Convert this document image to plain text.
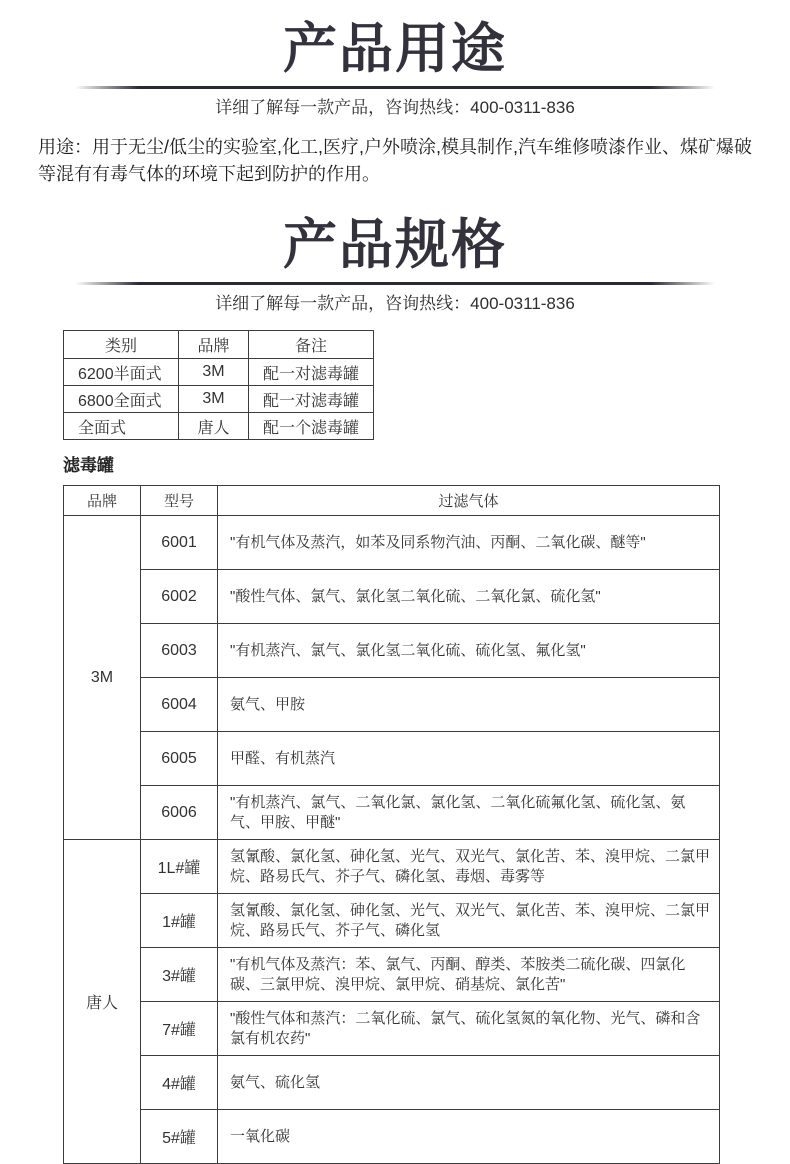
产品用途
详细了解每一款产品，咨询热线：400-0311-836
用途：用于无尘/低尘的实验室,化工,医疗,户外喷涂,模具制作,汽车维修喷漆作业、煤矿爆破等混有有毒气体的环境下起到防护的作用。
产品规格
详细了解每一款产品，咨询热线：400-0311-836
类别	品牌	备注
6200半面式	3M	配一对滤毒罐
6800全面式	3M	配一对滤毒罐
全面式	唐人	配一个滤毒罐
滤毒罐
品牌	型号	过滤气体
3M	6001	"有机气体及蒸汽，如苯及同系物汽油、丙酮、二氧化碳、醚等"
	6002	"酸性气体、氯气、氯化氢二氧化硫、二氧化氯、硫化氢"
	6003	"有机蒸汽、氯气、氯化氢二氧化硫、硫化氢、氟化氢"
	6004	氨气、甲胺
	6005	甲醛、有机蒸汽
	6006	"有机蒸汽、氯气、二氧化氯、氯化氢、二氧化硫氟化氢、硫化氢、氨气、甲胺、甲醚"
唐人	1L#罐	氢氰酸、氯化氢、砷化氢、光气、双光气、氯化苦、苯、溴甲烷、二氯甲烷、路易氏气、芥子气、磷化氢、毒烟、毒雾等
	1#罐	氢氰酸、氯化氢、砷化氢、光气、双光气、氯化苦、苯、溴甲烷、二氯甲烷、路易氏气、芥子气、磷化氢
	3#罐	"有机气体及蒸汽：苯、氯气、丙酮、醇类、苯胺类二硫化碳、四氯化碳、三氯甲烷、溴甲烷、氯甲烷、硝基烷、氯化苦"
	7#罐	"酸性气体和蒸汽：二氧化硫、氯气、硫化氢氮的氧化物、光气、磷和含氯有机农药"
	4#罐	氨气、硫化氢
	5#罐	一氧化碳
